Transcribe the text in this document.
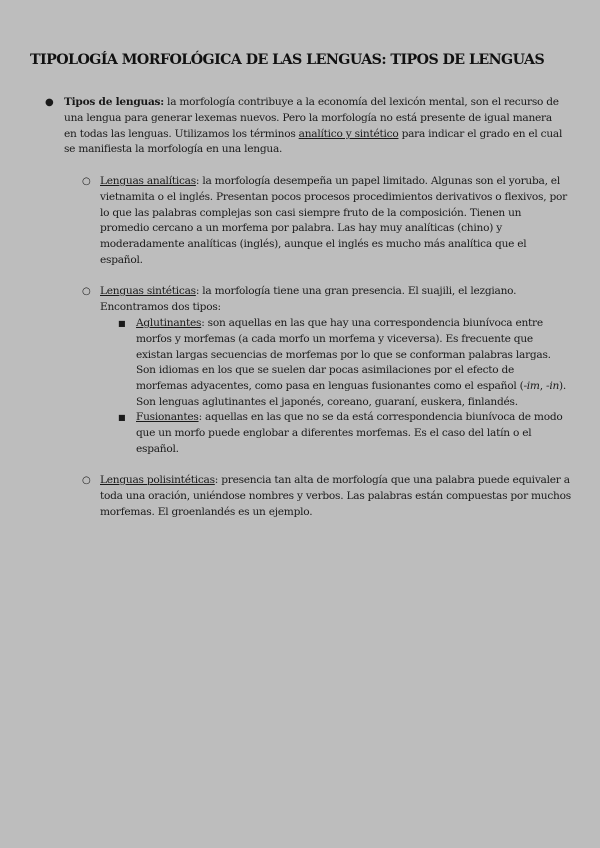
TIPOLOGÍA MORFOLÓGICA DE LAS LENGUAS: TIPOS DE LENGUAS
● Tipos de lenguas: la morfología contribuye a la economía del lexicón mental, son el recurso de una lengua para generar lexemas nuevos. Pero la morfología no está presente de igual manera en todas las lenguas. Utilizamos los términos analítico y sintético para indicar el grado en el cual se manifiesta la morfología en una lengua.
○ Lenguas analíticas: la morfología desempeña un papel limitado. Algunas son el yoruba, el vietnamita o el inglés. Presentan pocos procesos procedimientos derivativos o flexivos, por lo que las palabras complejas son casi siempre fruto de la composición. Tienen un promedio cercano a un morfema por palabra. Las hay muy analíticas (chino) y moderadamente analíticas (inglés), aunque el inglés es mucho más analítica que el español.
○ Lenguas sintéticas: la morfología tiene una gran presencia. El suajili, el lezgiano. Encontramos dos tipos:
■ Aglutinantes: son aquellas en las que hay una correspondencia biunívoca entre morfos y morfemas (a cada morfo un morfema y viceversa). Es frecuente que existan largas secuencias de morfemas por lo que se conforman palabras largas. Son idiomas en los que se suelen dar pocas asimilaciones por el efecto de morfemas adyacentes, como pasa en lenguas fusionantes como el español (-im, -in). Son lenguas aglutinantes el japonés, coreano, guaraní, euskera, finlandés.
■ Fusionantes: aquellas en las que no se da está correspondencia biunívoca de modo que un morfo puede englobar a diferentes morfemas. Es el caso del latín o el español.
○ Lenguas polisintéticas: presencia tan alta de morfología que una palabra puede equivaler a toda una oración, uniéndose nombres y verbos. Las palabras están compuestas por muchos morfemas. El groenlandés es un ejemplo.
